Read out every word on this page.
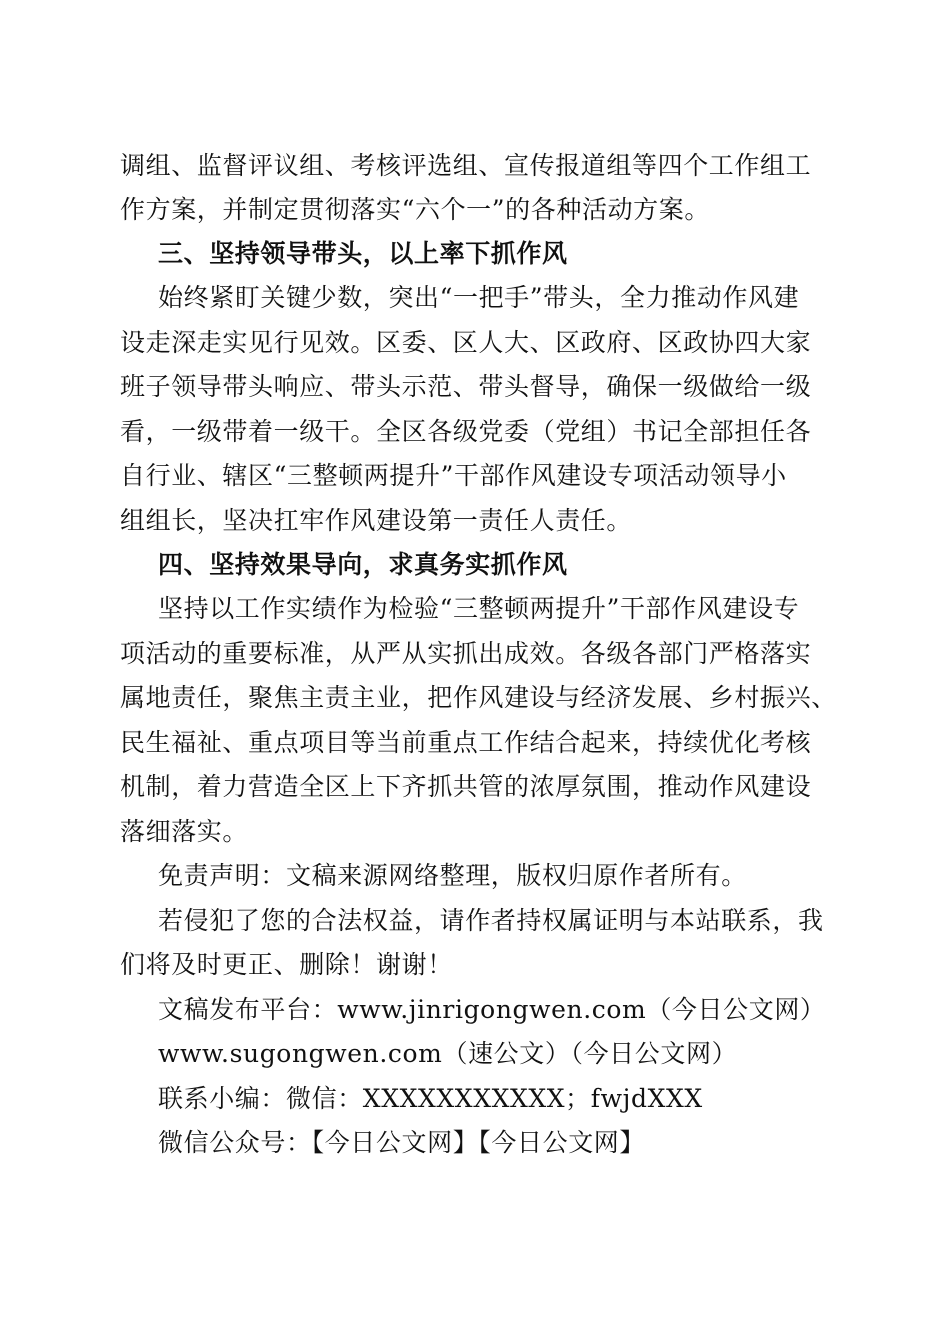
调组、监督评议组、考核评选组、宣传报道组等四个工作组工
作方案，并制定贯彻落实“六个一”的各种活动方案。
三、坚持领导带头，以上率下抓作风
始终紧盯关键少数，突出“一把手”带头，全力推动作风建
设走深走实见行见效。区委、区人大、区政府、区政协四大家
班子领导带头响应、带头示范、带头督导，确保一级做给一级
看，一级带着一级干。全区各级党委（党组）书记全部担任各
自行业、辖区“三整顿两提升”干部作风建设专项活动领导小
组组长，坚决扛牢作风建设第一责任人责任。
四、坚持效果导向，求真务实抓作风
坚持以工作实绩作为检验“三整顿两提升”干部作风建设专
项活动的重要标准，从严从实抓出成效。各级各部门严格落实
属地责任，聚焦主责主业，把作风建设与经济发展、乡村振兴、
民生福祉、重点项目等当前重点工作结合起来，持续优化考核
机制，着力营造全区上下齐抓共管的浓厚氛围，推动作风建设
落细落实。
免责声明：文稿来源网络整理，版权归原作者所有。
若侵犯了您的合法权益，请作者持权属证明与本站联系，我
们将及时更正、删除！谢谢！
文稿发布平台：www.jinrigongwen.com（今日公文网）
www.sugongwen.com（速公文）（今日公文网）
联系小编：微信：XXXXXXXXXXX；fwjdXXX
微信公众号：【今日公文网】【今日公文网】
